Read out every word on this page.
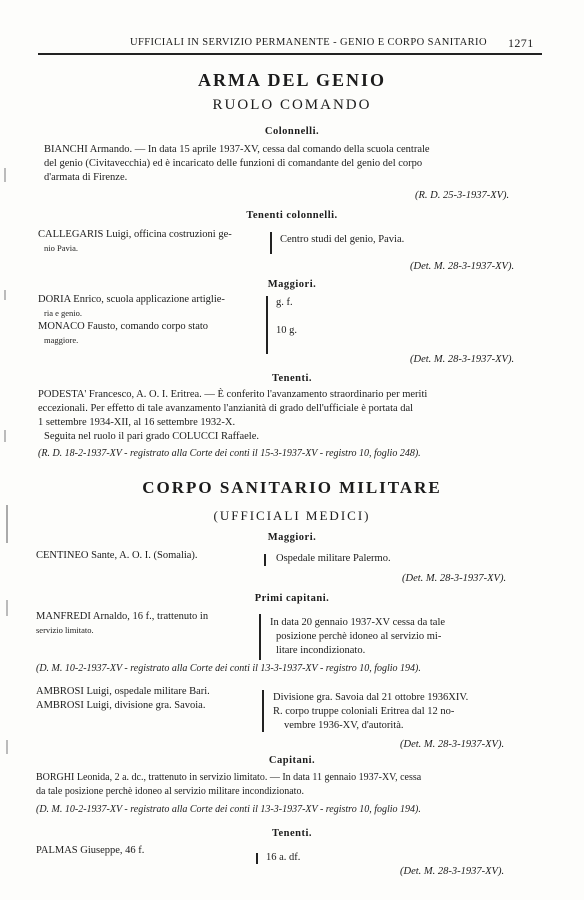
UFFICIALI IN SERVIZIO PERMANENTE - GENIO E CORPO SANITARIO 1271
ARMA DEL GENIO
RUOLO COMANDO
Colonnelli.
BIANCHI Armando. — In data 15 aprile 1937-XV, cessa dal comando della scuola centrale
del genio (Civitavecchia) ed è incaricato delle funzioni di comandante del genio del corpo
d'armata di Firenze.
(R. D. 25-3-1937-XV).
Tenenti colonnelli.
CALLEGARIS Luigi, officina costruzioni ge-
nio Pavia.
Centro studi del genio, Pavia.
(Det. M. 28-3-1937-XV).
Maggiori.
DORIA Enrico, scuola applicazione artiglie-
ria e genio.
MONACO Fausto, comando corpo stato
maggiore.
g. f.
10 g.
(Det. M. 28-3-1937-XV).
Tenenti.
PODESTA' Francesco, A. O. I. Eritrea. — È conferito l'avanzamento straordinario per meriti
eccezionali. Per effetto di tale avanzamento l'anzianità di grado dell'ufficiale è portata dal
1 settembre 1934-XII, al 16 settembre 1932-X.
Seguita nel ruolo il pari grado COLUCCI Raffaele.
(R. D. 18-2-1937-XV - registrato alla Corte dei conti il 15-3-1937-XV - registro 10, foglio 248).
CORPO SANITARIO MILITARE
(UFFICIALI MEDICI)
Maggiori.
CENTINEO Sante, A. O. I. (Somalia).	Ospedale militare Palermo.
(Det. M. 28-3-1937-XV).
Primi capitani.
MANFREDI Arnaldo, 16 f., trattenuto in
servizio limitato.
In data 20 gennaio 1937-XV cessa da tale
posizione perchè idoneo al servizio mi-
litare incondizionato.
(D. M. 10-2-1937-XV - registrato alla Corte dei conti il 13-3-1937-XV - registro 10, foglio 194).
AMBROSI Luigi, ospedale militare Bari.
AMBROSI Luigi, divisione gra. Savoia.
Divisione gra. Savoia dal 21 ottobre 1936XIV.
R. corpo truppe coloniali Eritrea dal 12 no-
vembre 1936-XV, d'autorità.
(Det. M. 28-3-1937-XV).
Capitani.
BORGHI Leonida, 2 a. dc., trattenuto in servizio limitato. — In data 11 gennaio 1937-XV, cessa
da tale posizione perchè idoneo al servizio militare incondizionato.
(D. M. 10-2-1937-XV - registrato alla Corte dei conti il 13-3-1937-XV - registro 10, foglio 194).
Tenenti.
PALMAS Giuseppe, 46 f.
16 a. df.
(Det. M. 28-3-1937-XV).
